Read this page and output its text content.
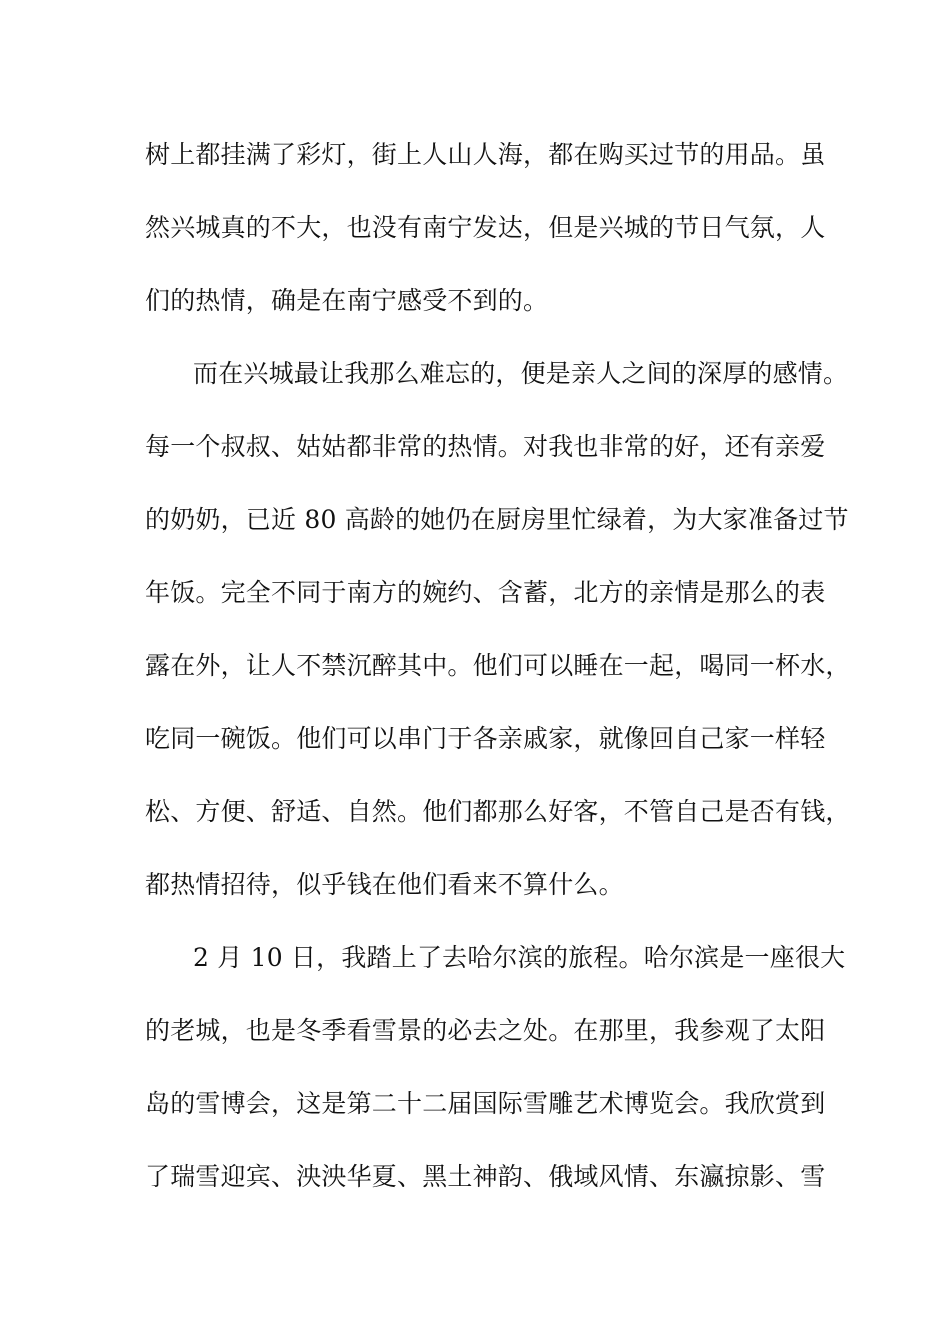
树上都挂满了彩灯，街上人山人海，都在购买过节的用品。虽
然兴城真的不大，也没有南宁发达，但是兴城的节日气氛，人
们的热情，确是在南宁感受不到的。
而在兴城最让我那么难忘的，便是亲人之间的深厚的感情。
每一个叔叔、姑姑都非常的热情。对我也非常的好，还有亲爱
的奶奶，已近 80 高龄的她仍在厨房里忙绿着，为大家准备过节
年饭。完全不同于南方的婉约、含蓄，北方的亲情是那么的表
露在外，让人不禁沉醉其中。他们可以睡在一起，喝同一杯水，
吃同一碗饭。他们可以串门于各亲戚家，就像回自己家一样轻
松、方便、舒适、自然。他们都那么好客，不管自己是否有钱，
都热情招待，似乎钱在他们看来不算什么。
2 月 10 日，我踏上了去哈尔滨的旅程。哈尔滨是一座很大
的老城，也是冬季看雪景的必去之处。在那里，我参观了太阳
岛的雪博会，这是第二十二届国际雪雕艺术博览会。我欣赏到
了瑞雪迎宾、泱泱华夏、黑土神韵、俄域风情、东瀛掠影、雪
